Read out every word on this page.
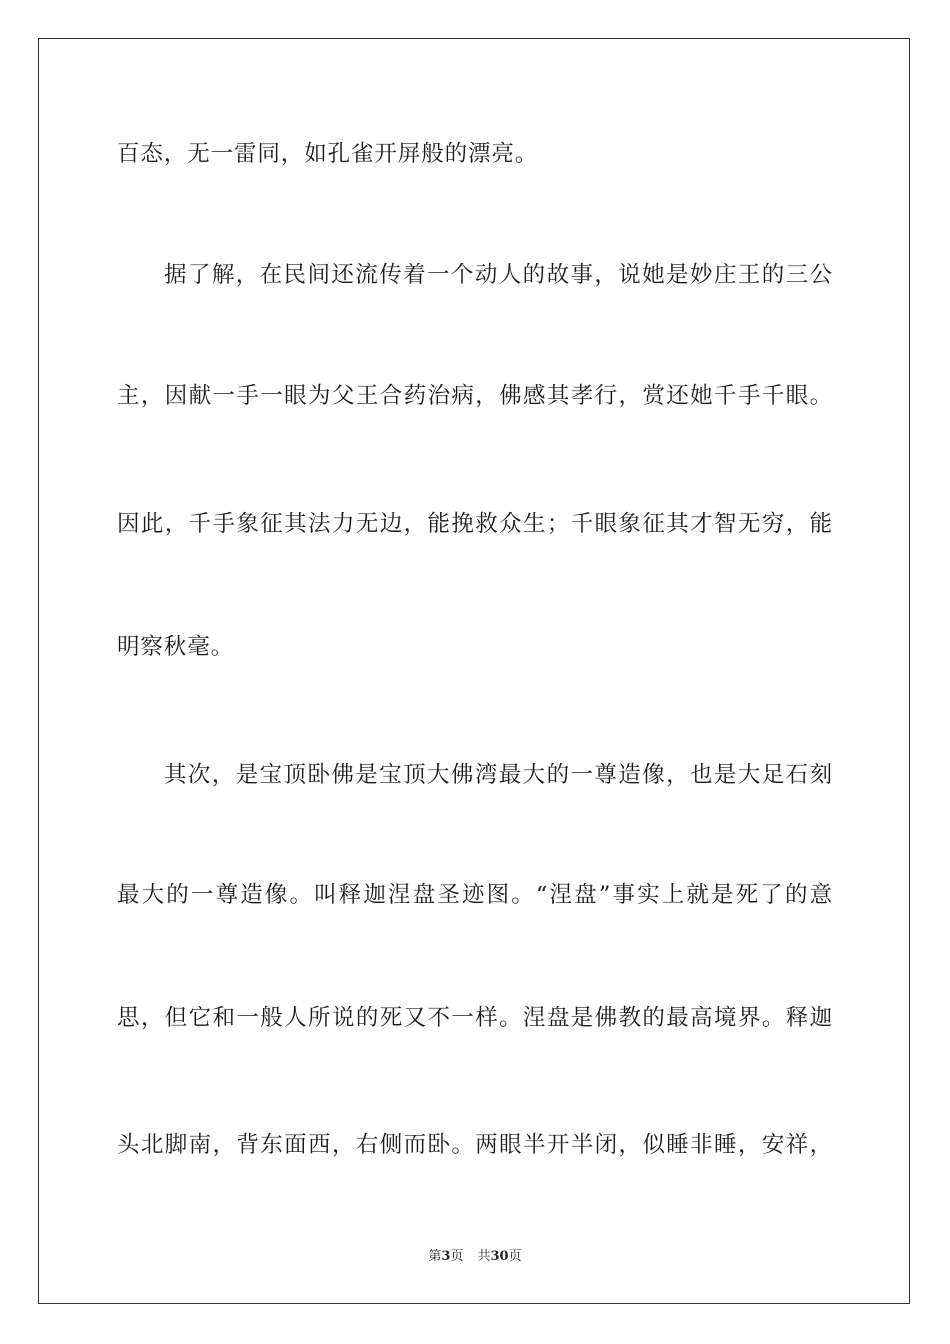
百态，无一雷同，如孔雀开屏般的漂亮。
据了解，在民间还流传着一个动人的故事，说她是妙庄王的三公
主，因献一手一眼为父王合药治病，佛感其孝行，赏还她千手千眼。
因此，千手象征其法力无边，能挽救众生；千眼象征其才智无穷，能
明察秋毫。
其次，是宝顶卧佛是宝顶大佛湾最大的一尊造像，也是大足石刻
最大的一尊造像。叫释迦涅盘圣迹图。“涅盘”事实上就是死了的意
思，但它和一般人所说的死又不一样。涅盘是佛教的最高境界。释迦
头北脚南，背东面西，右侧而卧。两眼半开半闭，似睡非睡，安祥，
第3页 共30页
